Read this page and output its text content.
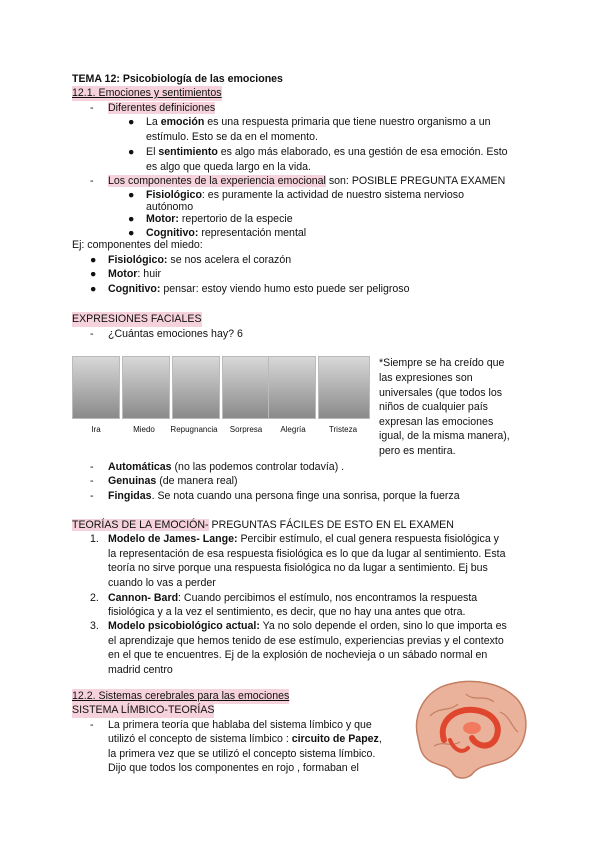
TEMA 12: Psicobiología de las emociones
12.1. Emociones y sentimientos
- Diferentes definiciones
● La emoción es una respuesta primaria que tiene nuestro organismo a un
estímulo. Esto se da en el momento.
● El sentimiento es algo más elaborado, es una gestión de esa emoción. Esto
es algo que queda largo en la vida.
- Los componentes de la experiencia emocional son: POSIBLE PREGUNTA EXAMEN
● Fisiológico: es puramente la actividad de nuestro sistema nervioso
autónomo
● Motor: repertorio de la especie
● Cognitivo: representación mental
Ej: componentes del miedo:
● Fisiológico: se nos acelera el corazón
● Motor: huir
● Cognitivo: pensar: estoy viendo humo esto puede ser peligroso
EXPRESIONES FACIALES
- ¿Cuántas emociones hay? 6
Ira	Miedo	Repugnancia	Sorpresa	Alegría	Tristeza
*Siempre se ha creído que
las expresiones son
universales (que todos los
niños de cualquier país
expresan las emociones
igual, de la misma manera),
pero es mentira.
- Automáticas (no las podemos controlar todavía) .
- Genuinas (de manera real)
- Fingidas. Se nota cuando una persona finge una sonrisa, porque la fuerza
TEORÍAS DE LA EMOCIÓN- PREGUNTAS FÁCILES DE ESTO EN EL EXAMEN
1. Modelo de James- Lange: Percibir estímulo, el cual genera respuesta fisiológica y
la representación de esa respuesta fisiológica es lo que da lugar al sentimiento. Esta
teoría no sirve porque una respuesta fisiológica no da lugar a sentimiento. Ej bus
cuando lo vas a perder
2. Cannon- Bard: Cuando percibimos el estímulo, nos encontramos la respuesta
fisiológica y a la vez el sentimiento, es decir, que no hay una antes que otra.
3. Modelo psicobiológico actual: Ya no solo depende el orden, sino lo que importa es
el aprendizaje que hemos tenido de ese estímulo, experiencias previas y el contexto
en el que te encuentres. Ej de la explosión de nochevieja o un sábado normal en
madrid centro
12.2. Sistemas cerebrales para las emociones
SISTEMA LÍMBICO-TEORÍAS
- La primera teoría que hablaba del sistema límbico y que
utilizó el concepto de sistema límbico : circuito de Papez,
la primera vez que se utilizó el concepto sistema límbico.
Dijo que todos los componentes en rojo , formaban el
